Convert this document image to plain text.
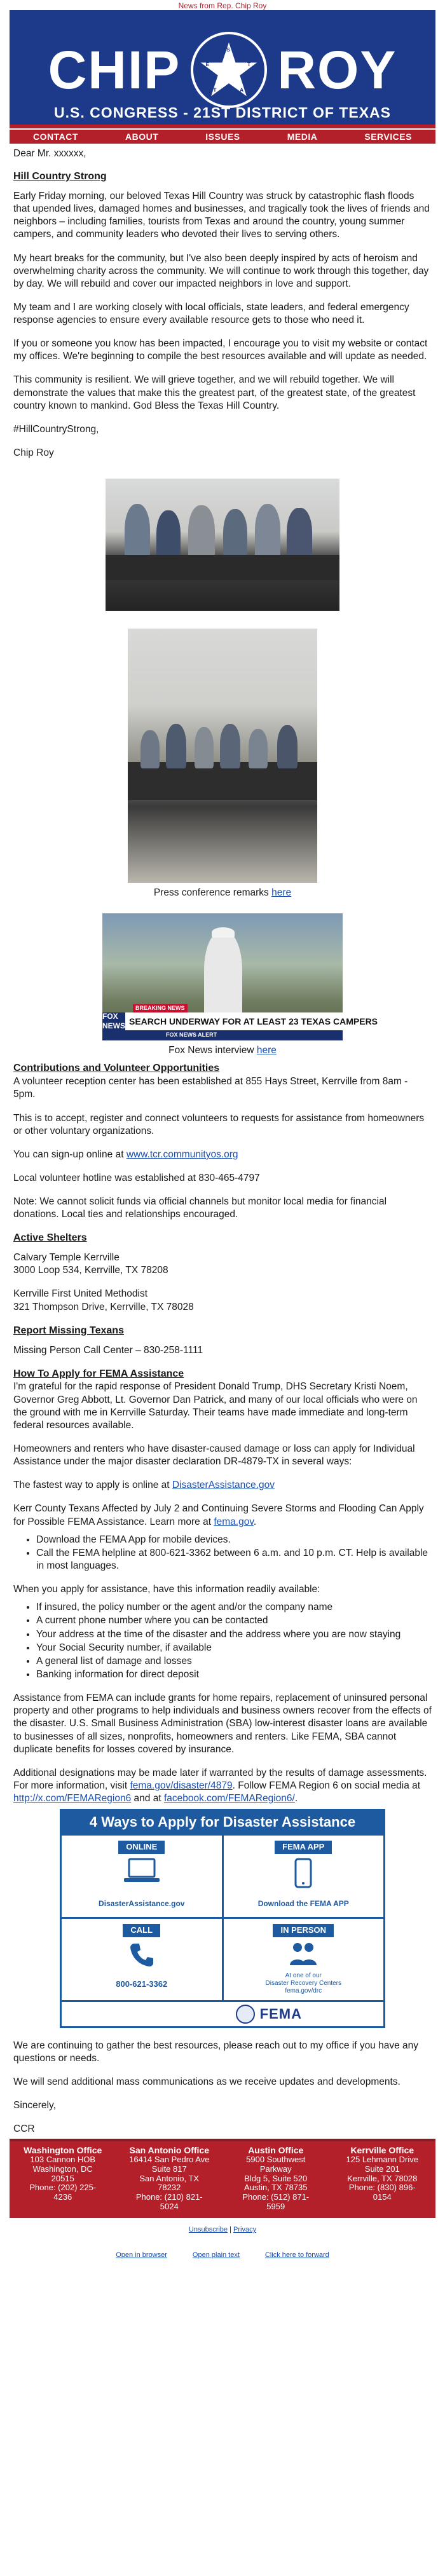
News from Rep. Chip Roy
CHIP	S
T
A
T
E ROY
U.S. CONGRESS - 21ST DISTRICT OF TEXAS
CONTACT	ABOUT	ISSUES	MEDIA	SERVICES

Dear Mr. xxxxxx,

Hill Country Strong

Early Friday morning, our beloved Texas Hill Country was struck by catastrophic flash floods that upended lives, damaged homes and businesses, and tragically took the lives of friends and neighbors – including families, tourists from Texas and around the country, young summer campers, and community leaders who devoted their lives to serving others.

My heart breaks for the community, but I've also been deeply inspired by acts of heroism and overwhelming charity across the community. We will continue to work through this together, day by day. We will rebuild and cover our impacted neighbors in love and support.

My team and I are working closely with local officials, state leaders, and federal emergency response agencies to ensure every available resource gets to those who need it.

If you or someone you know has been impacted, I encourage you to visit my website or contact my offices. We're beginning to compile the best resources available and will update as needed.

This community is resilient. We will grieve together, and we will rebuild together. We will demonstrate the values that make this the greatest part, of the greatest state, of the greatest country known to mankind. God Bless the Texas Hill Country.

#HillCountryStrong,

Chip Roy

Press conference remarks here
BREAKING NEWS
FOX NEWS SEARCH UNDERWAY FOR AT LEAST 23 TEXAS CAMPERS
FOX NEWS ALERT
Fox News interview here
Contributions and Volunteer Opportunities

A volunteer reception center has been established at 855 Hays Street, Kerrville from 8am - 5pm.

This is to accept, register and connect volunteers to requests for assistance from homeowners or other voluntary organizations.

You can sign-up online at www.tcr.communityos.org

Local volunteer hotline was established at 830-465-4797

Note: We cannot solicit funds via official channels but monitor local media for financial donations. Local ties and relationships encouraged.

Active Shelters

Calvary Temple Kerrville
3000 Loop 534, Kerrville, TX 78208

Kerrville First United Methodist
321 Thompson Drive, Kerrville, TX 78028

Report Missing Texans

Missing Person Call Center – 830-258-1111

How To Apply for FEMA Assistance

I'm grateful for the rapid response of President Donald Trump, DHS Secretary Kristi Noem, Governor Greg Abbott, Lt. Governor Dan Patrick, and many of our local officials who were on the ground with me in Kerrville Saturday. Their teams have made immediate and long-term federal resources available.

Homeowners and renters who have disaster-caused damage or loss can apply for Individual Assistance under the major disaster declaration DR-4879-TX in several ways:

The fastest way to apply is online at DisasterAssistance.gov

Kerr County Texans Affected by July 2 and Continuing Severe Storms and Flooding Can Apply for Possible FEMA Assistance. Learn more at fema.gov.

• Download the FEMA App for mobile devices.
• Call the FEMA helpline at 800-621-3362 between 6 a.m. and 10 p.m. CT. Help is available in most languages.

When you apply for assistance, have this information readily available:

• If insured, the policy number or the agent and/or the company name
• A current phone number where you can be contacted
• Your address at the time of the disaster and the address where you are now staying
• Your Social Security number, if available
• A general list of damage and losses
• Banking information for direct deposit

Assistance from FEMA can include grants for home repairs, replacement of uninsured personal property and other programs to help individuals and business owners recover from the effects of the disaster. U.S. Small Business Administration (SBA) low-interest disaster loans are available to businesses of all sizes, nonprofits, homeowners and renters. Like FEMA, SBA cannot duplicate benefits for losses covered by insurance.

Additional designations may be made later if warranted by the results of damage assessments. For more information, visit fema.gov/disaster/4879. Follow FEMA Region 6 on social media at http://x.com/FEMARegion6 and at facebook.com/FEMARegion6/.

4 Ways to Apply for Disaster Assistance
ONLINE
DisasterAssistance.gov
FEMA APP
Download the FEMA APP
CALL
800-621-3362
IN PERSON
At one of our
Disaster Recovery Centers
fema.gov/drc
FEMA

We are continuing to gather the best resources, please reach out to my office if you have any questions or needs.

We will send additional mass communications as we receive updates and developments.

Sincerely,

CCR

Washington Office
103 Cannon HOB
Washington, DC
20515
Phone: (202) 225-
4236
San Antonio Office
16414 San Pedro Ave
Suite 817
San Antonio, TX
78232
Phone: (210) 821-
5024
Austin Office
5900 Southwest
Parkway
Bldg 5, Suite 520
Austin, TX 78735
Phone: (512) 871-
5959
Kerrville Office
125 Lehmann Drive
Suite 201
Kerrville, TX 78028
Phone: (830) 896-
0154
Unsubscribe | Privacy
Open in browser	Open plain text	Click here to forward
